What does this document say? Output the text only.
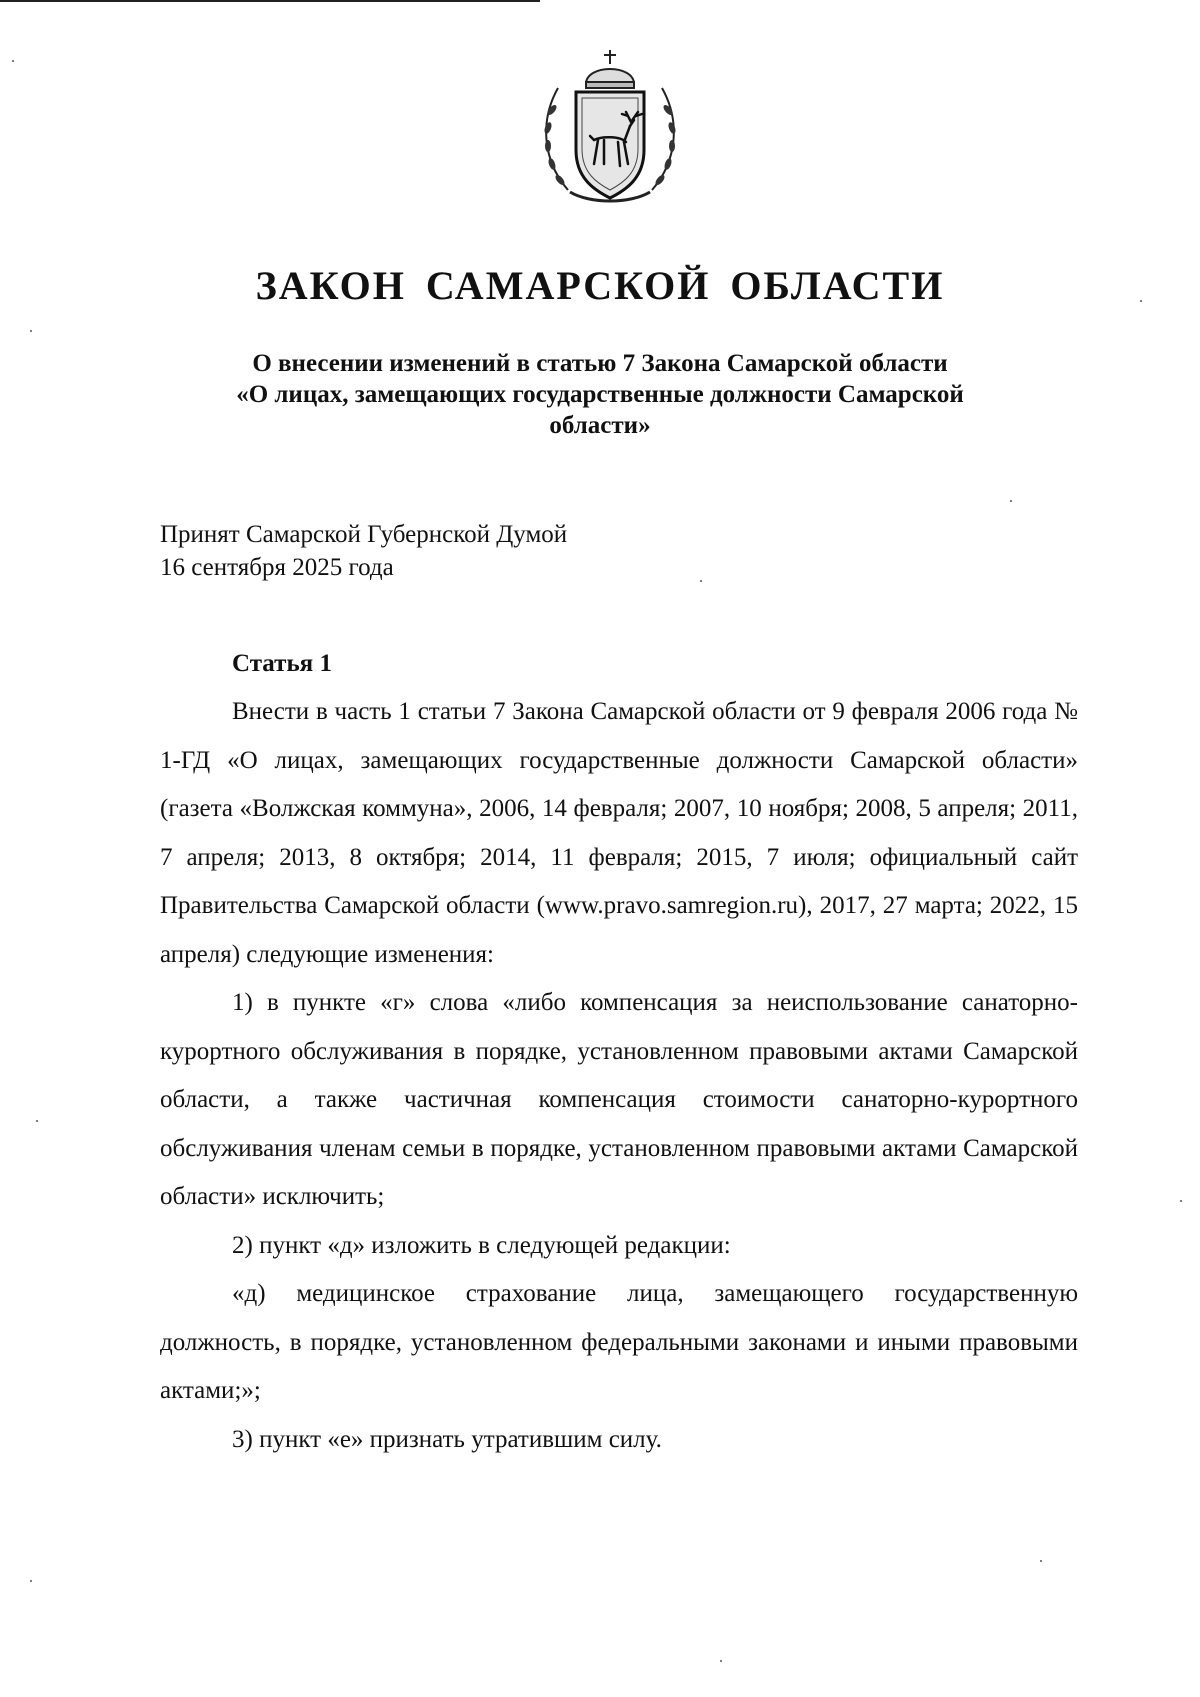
ЗАКОН САМАРСКОЙ ОБЛАСТИ
О внесении изменений в статью 7 Закона Самарской области
«О лицах, замещающих государственные должности Самарской
области»
Принят Самарской Губернской Думой
16 сентября 2025 года
Статья 1

Внести в часть 1 статьи 7 Закона Самарской области от 9 февраля 2006 года № 1-ГД «О лицах, замещающих государственные должности Самарской области» (газета «Волжская коммуна», 2006, 14 февраля; 2007, 10 ноября; 2008, 5 апреля; 2011, 7 апреля; 2013, 8 октября; 2014, 11 февраля; 2015, 7 июля; официальный сайт Правительства Самарской области (www.pravo.samregion.ru), 2017, 27 марта; 2022, 15 апреля) следующие изменения:

1) в пункте «г» слова «либо компенсация за неиспользование санаторно-курортного обслуживания в порядке, установленном правовыми актами Самарской области, а также частичная компенсация стоимости санаторно-курортного обслуживания членам семьи в порядке, установленном правовыми актами Самарской области» исключить;

2) пункт «д» изложить в следующей редакции:

«д) медицинское страхование лица, замещающего государственную должность, в порядке, установленном федеральными законами и иными правовыми актами;»;

3) пункт «е» признать утратившим силу.
